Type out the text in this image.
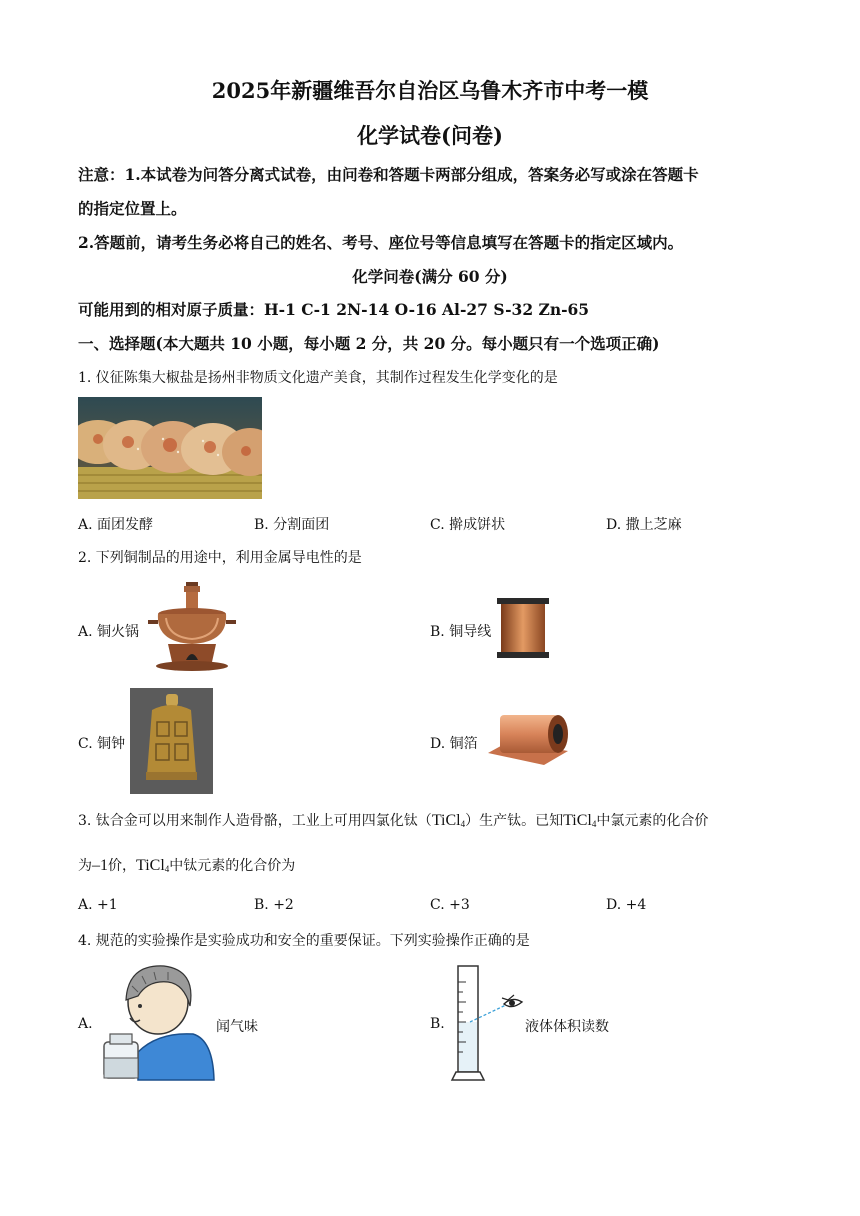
2025年新疆维吾尔自治区乌鲁木齐市中考一模
化学试卷(问卷)
注意：1.本试卷为问答分离式试卷，由问卷和答题卡两部分组成，答案务必写或涂在答题卡
的指定位置上。
2.答题前，请考生务必将自己的姓名、考号、座位号等信息填写在答题卡的指定区域内。
化学问卷(满分 60 分)
可能用到的相对原子质量：H-1 C-1 2N-14 O-16 Al-27 S-32 Zn-65
一、选择题(本大题共 10 小题，每小题 2 分，共 20 分。每小题只有一个选项正确)
1. 仪征陈集大椒盐是扬州非物质文化遗产美食，其制作过程发生化学变化的是
A. 面团发酵	B. 分割面团	C. 擀成饼状	D. 撒上芝麻
2. 下列铜制品的用途中，利用金属导电性的是
A. 铜火锅	B. 铜导线
C. 铜钟	D. 铜箔
3. 钛合金可以用来制作人造骨骼，工业上可用四氯化钛（TiCl$_4$）生产钛。已知TiCl$_4$中氯元素的化合价
为–1价，TiCl$_4$中钛元素的化合价为
A. +1	B. +2	C. +3	D. +4
4. 规范的实验操作是实验成功和安全的重要保证。下列实验操作正确的是
A.	闻气味	B.	液体体积读数
